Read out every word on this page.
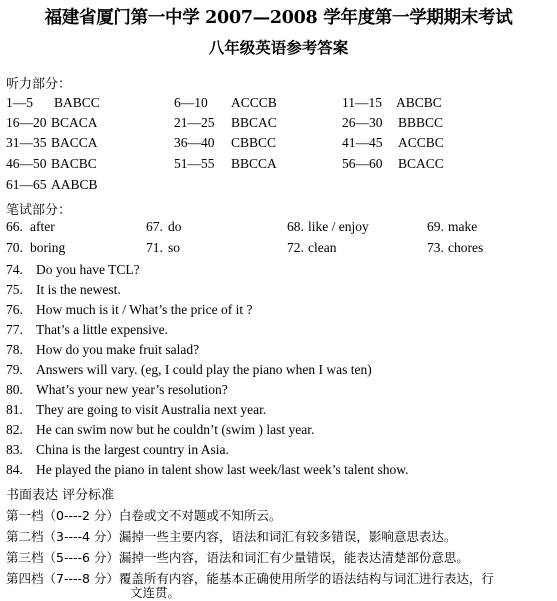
福建省厦门第一中学 2007—2008 学年度第一学期期末考试
八年级英语参考答案
听力部分：
1—5 BABCC	6—10 ACCCB	11—15 ABCBC
16—20 BCACA	21—25 BBCAC	26—30 BBBCC
31—35 BACCA	36—40 CBBCC	41—45 ACCBC
46—50 BACBC	51—55 BBCCA	56—60 BCACC
61—65 AABCB
笔试部分：
66. after	67. do	68. like / enjoy	69. make
70. boring	71. so	72. clean	73. chores
74. Do you have TCL?
75. It is the newest.
76. How much is it / What’s the price of it ?
77. That’s a little expensive.
78. How do you make fruit salad?
79. Answers will vary. (eg, I could play the piano when I was ten)
80. What’s your new year’s resolution?
81. They are going to visit Australia next year.
82. He can swim now but he couldn’t (swim ) last year.
83. China is the largest country in Asia.
84. He played the piano in talent show last week/last week’s talent show.
书面表达 评分标准
第一档（0----2 分）白卷或文不对题或不知所云。
第二档（3----4 分）漏掉一些主要内容，语法和词汇有较多错误，影响意思表达。
第三档（5----6 分）漏掉一些内容，语法和词汇有少量错误，能表达清楚部份意思。
第四档（7----8 分）覆盖所有内容，能基本正确使用所学的语法结构与词汇进行表达，行
文连贯。
